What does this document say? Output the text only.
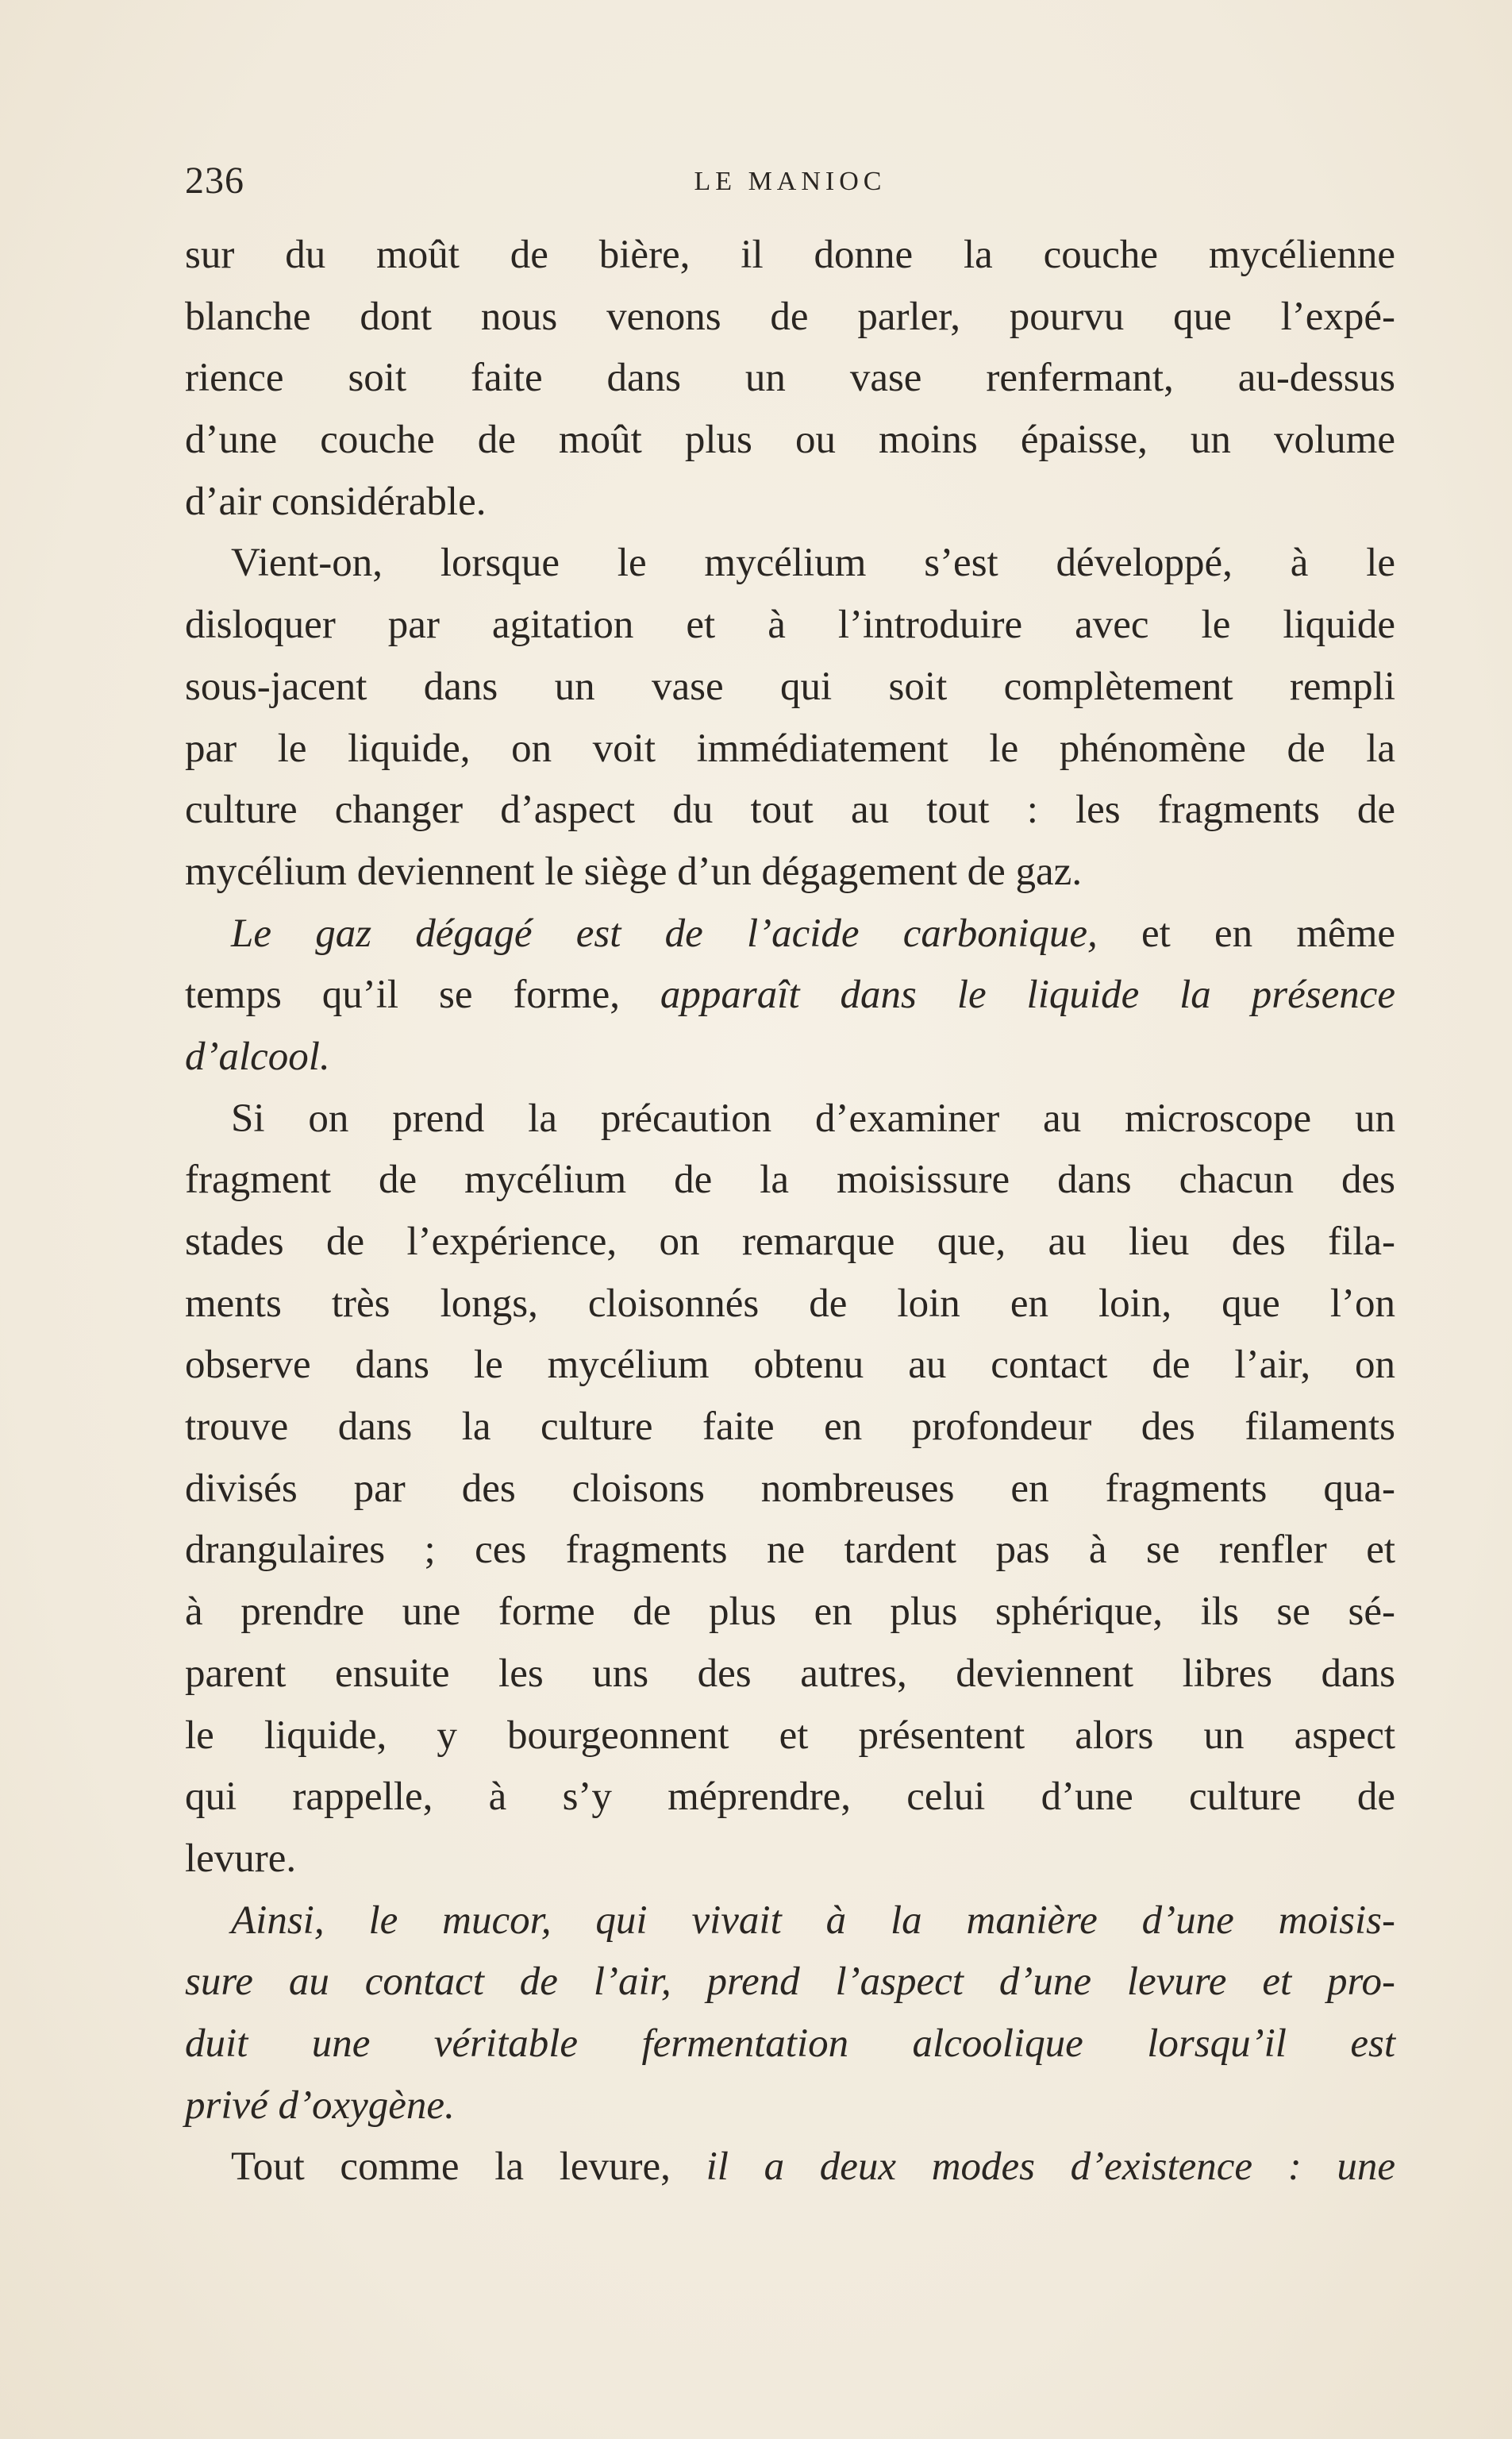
236	LE MANIOC
sur du moût de bière, il donne la couche mycélienne
blanche dont nous venons de parler, pourvu que l’expé-
rience soit faite dans un vase renfermant, au-dessus
d’une couche de moût plus ou moins épaisse, un volume
d’air considérable.
Vient-on, lorsque le mycélium s’est développé, à le
disloquer par agitation et à l’introduire avec le liquide
sous-jacent dans un vase qui soit complètement rempli
par le liquide, on voit immédiatement le phénomène de la
culture changer d’aspect du tout au tout : les fragments de
mycélium deviennent le siège d’un dégagement de gaz.
Le gaz dégagé est de l’acide carbonique, et en même
temps qu’il se forme, apparaît dans le liquide la présence
d’alcool.
Si on prend la précaution d’examiner au microscope un
fragment de mycélium de la moisissure dans chacun des
stades de l’expérience, on remarque que, au lieu des fila-
ments très longs, cloisonnés de loin en loin, que l’on
observe dans le mycélium obtenu au contact de l’air, on
trouve dans la culture faite en profondeur des filaments
divisés par des cloisons nombreuses en fragments qua-
drangulaires ; ces fragments ne tardent pas à se renfler et
à prendre une forme de plus en plus sphérique, ils se sé-
parent ensuite les uns des autres, deviennent libres dans
le liquide, y bourgeonnent et présentent alors un aspect
qui rappelle, à s’y méprendre, celui d’une culture de
levure.
Ainsi, le mucor, qui vivait à la manière d’une moisis-
sure au contact de l’air, prend l’aspect d’une levure et pro-
duit une véritable fermentation alcoolique lorsqu’il est
privé d’oxygène.
Tout comme la levure, il a deux modes d’existence : une
